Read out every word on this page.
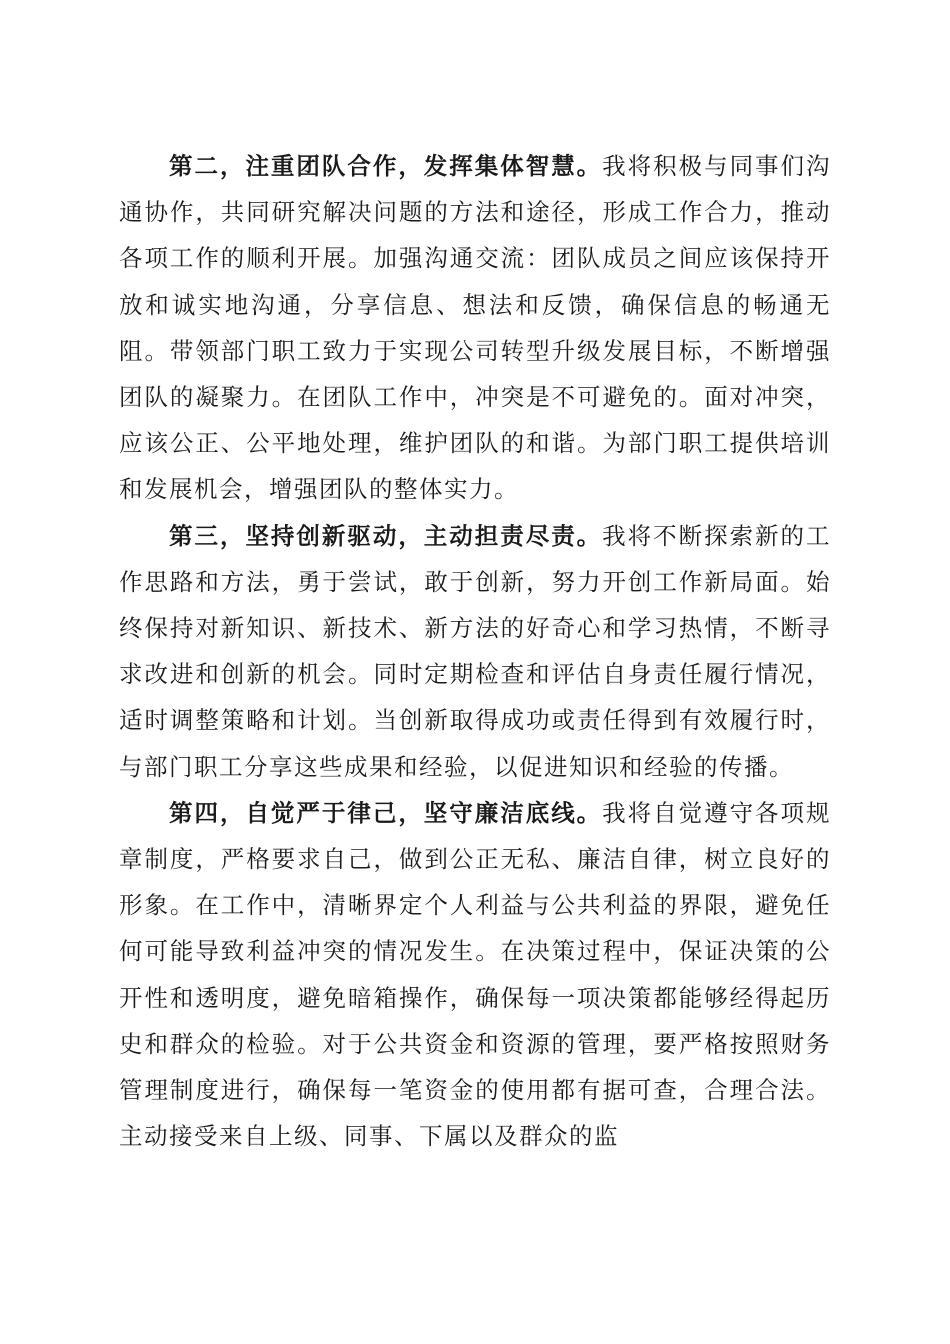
第二，注重团队合作，发挥集体智慧。我将积极与同事们沟通协作，共同研究解决问题的方法和途径，形成工作合力，推动各项工作的顺利开展。加强沟通交流：团队成员之间应该保持开放和诚实地沟通，分享信息、想法和反馈，确保信息的畅通无阻。带领部门职工致力于实现公司转型升级发展目标，不断增强团队的凝聚力。在团队工作中，冲突是不可避免的。面对冲突，应该公正、公平地处理，维护团队的和谐。为部门职工提供培训和发展机会，增强团队的整体实力。

第三，坚持创新驱动，主动担责尽责。我将不断探索新的工作思路和方法，勇于尝试，敢于创新，努力开创工作新局面。始终保持对新知识、新技术、新方法的好奇心和学习热情，不断寻求改进和创新的机会。同时定期检查和评估自身责任履行情况，适时调整策略和计划。当创新取得成功或责任得到有效履行时，与部门职工分享这些成果和经验，以促进知识和经验的传播。

第四，自觉严于律己，坚守廉洁底线。我将自觉遵守各项规章制度，严格要求自己，做到公正无私、廉洁自律，树立良好的形象。在工作中，清晰界定个人利益与公共利益的界限，避免任何可能导致利益冲突的情况发生。在决策过程中，保证决策的公开性和透明度，避免暗箱操作，确保每一项决策都能够经得起历史和群众的检验。对于公共资金和资源的管理，要严格按照财务管理制度进行，确保每一笔资金的使用都有据可查，合理合法。主动接受来自上级、同事、下属以及群众的监
